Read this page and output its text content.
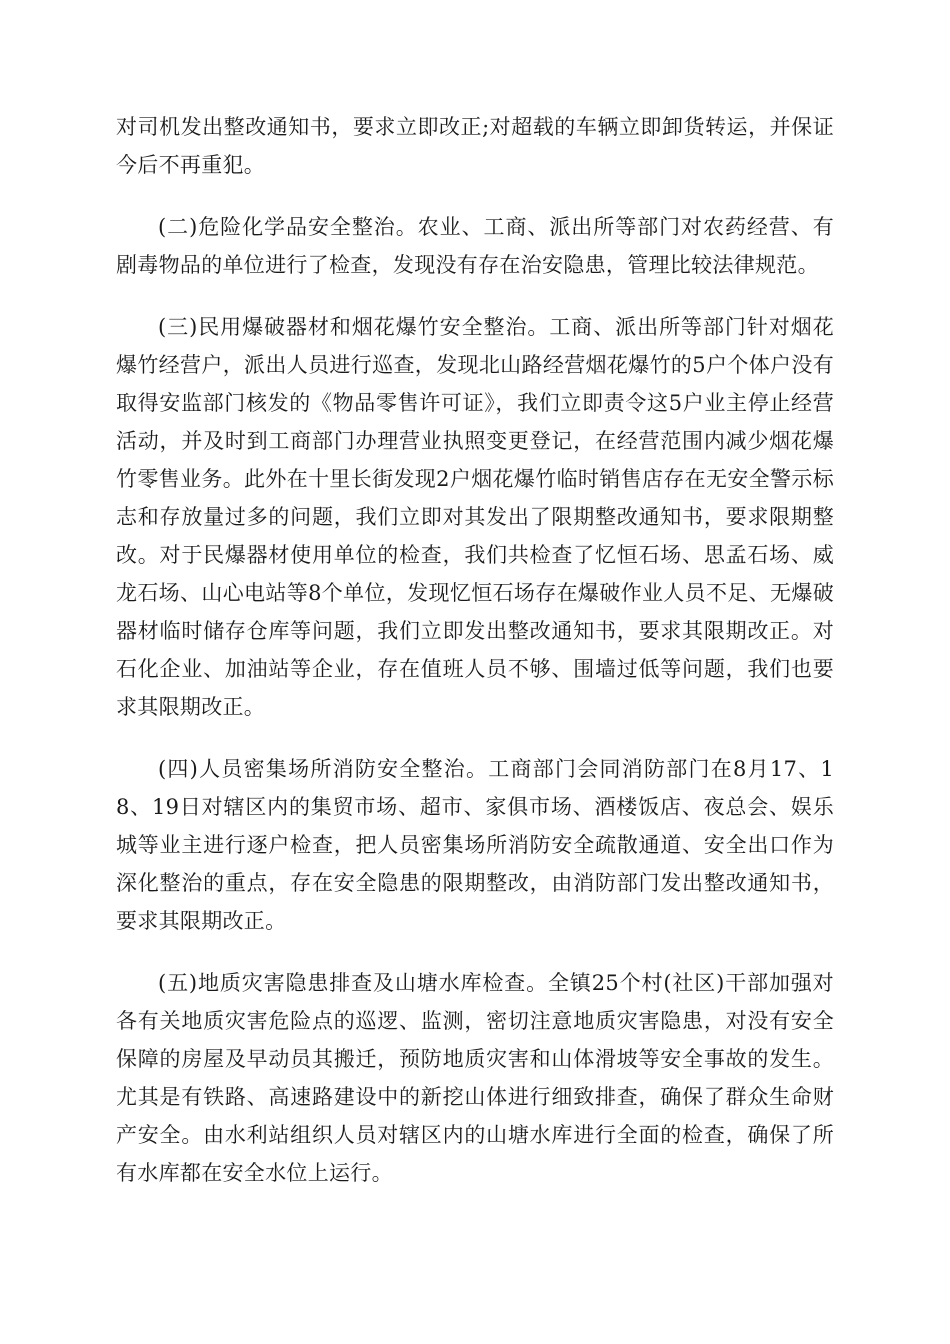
对司机发出整改通知书，要求立即改正;对超载的车辆立即卸货转运，并保证今后不再重犯。

(二)危险化学品安全整治。农业、工商、派出所等部门对农药经营、有剧毒物品的单位进行了检查，发现没有存在治安隐患，管理比较法律规范。

(三)民用爆破器材和烟花爆竹安全整治。工商、派出所等部门针对烟花爆竹经营户，派出人员进行巡查，发现北山路经营烟花爆竹的5户个体户没有取得安监部门核发的《物品零售许可证》，我们立即责令这5户业主停止经营活动，并及时到工商部门办理营业执照变更登记，在经营范围内减少烟花爆竹零售业务。此外在十里长街发现2户烟花爆竹临时销售店存在无安全警示标志和存放量过多的问题，我们立即对其发出了限期整改通知书，要求限期整改。对于民爆器材使用单位的检查，我们共检查了忆恒石场、思孟石场、威龙石场、山心电站等8个单位，发现忆恒石场存在爆破作业人员不足、无爆破器材临时储存仓库等问题，我们立即发出整改通知书，要求其限期改正。对石化企业、加油站等企业，存在值班人员不够、围墙过低等问题，我们也要求其限期改正。

(四)人员密集场所消防安全整治。工商部门会同消防部门在8月17、18、19日对辖区内的集贸市场、超市、家俱市场、酒楼饭店、夜总会、娱乐城等业主进行逐户检查，把人员密集场所消防安全疏散通道、安全出口作为深化整治的重点，存在安全隐患的限期整改，由消防部门发出整改通知书，要求其限期改正。

(五)地质灾害隐患排查及山塘水库检查。全镇25个村(社区)干部加强对各有关地质灾害危险点的巡逻、监测，密切注意地质灾害隐患，对没有安全保障的房屋及早动员其搬迁，预防地质灾害和山体滑坡等安全事故的发生。尤其是有铁路、高速路建设中的新挖山体进行细致排查，确保了群众生命财产安全。由水利站组织人员对辖区内的山塘水库进行全面的检查，确保了所有水库都在安全水位上运行。
